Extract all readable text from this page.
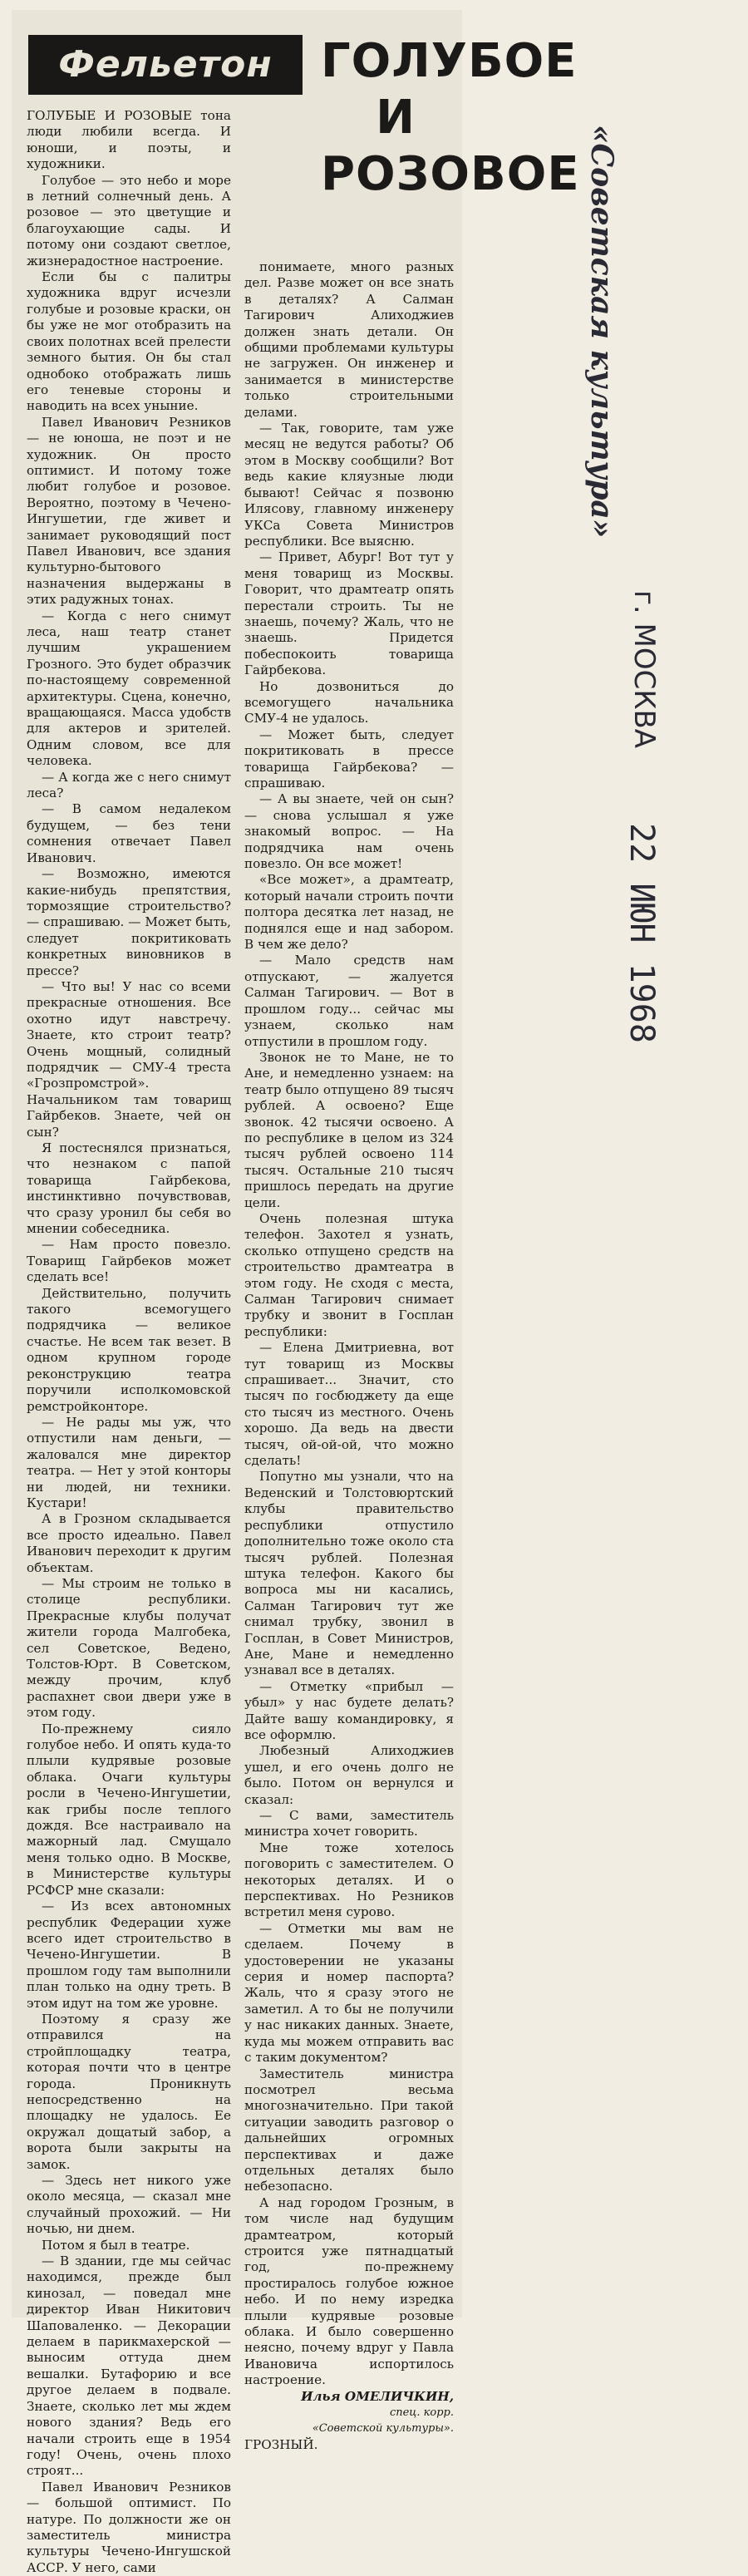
Фельетон	ГОЛУБОЕ И РОЗОВОЕ

ГОЛУБЫЕ И РОЗОВЫЕ тона люди любили всегда. И юноши, и поэты, и художники.

Голубое — это небо и море в летний солнечный день. А розовое — это цветущие и благоухающие сады. И потому они создают светлое, жизнерадостное настроение.

Если бы с палитры художника вдруг исчезли голубые и розовые краски, он бы уже не мог отобразить на своих полотнах всей прелести земного бытия. Он бы стал однобоко отображать лишь его теневые стороны и наводить на всех уныние.

Павел Иванович Резников — не юноша, не поэт и не художник. Он просто оптимист. И потому тоже любит голубое и розовое. Вероятно, поэтому в Чечено-Ингушетии, где живет и занимает руководящий пост Павел Иванович, все здания культурно-бытового назначения выдержаны в этих радужных тонах.

— Когда с него снимут леса, наш театр станет лучшим украшением Грозного. Это будет образчик по-настоящему современной архитектуры. Сцена, конечно, вращающаяся. Масса удобств для актеров и зрителей. Одним словом, все для человека.

— А когда же с него снимут леса?

— В самом недалеком будущем, — без тени сомнения отвечает Павел Иванович.

— Возможно, имеются какие-нибудь препятствия, тормозящие строительство? — спрашиваю. — Может быть, следует покритиковать конкретных виновников в прессе?

— Что вы! У нас со всеми прекрасные отношения. Все охотно идут навстречу. Знаете, кто строит театр? Очень мощный, солидный подрядчик — СМУ-4 треста «Грозпромстрой». Начальником там товарищ Гайрбеков. Знаете, чей он сын?

Я постеснялся признаться, что незнаком с папой товарища Гайрбекова, инстинктивно почувствовав, что сразу уронил бы себя во мнении собеседника.

— Нам просто повезло. Товарищ Гайрбеков может сделать все!

Действительно, получить такого всемогущего подрядчика — великое счастье. Не всем так везет. В одном крупном городе реконструкцию театра поручили исполкомовской ремстройконторе.

— Не рады мы уж, что отпустили нам деньги, — жаловался мне директор театра. — Нет у этой конторы ни людей, ни техники. Кустари!

А в Грозном складывается все просто идеально. Павел Иванович переходит к другим объектам.

— Мы строим не только в столице республики. Прекрасные клубы получат жители города Малгобека, сел Советское, Ведено, Толстов-Юрт. В Советском, между прочим, клуб распахнет свои двери уже в этом году.

По-прежнему сияло голубое небо. И опять куда-то плыли кудрявые розовые облака. Очаги культуры росли в Чечено-Ингушетии, как грибы после теплого дождя. Все настраивало на мажорный лад. Смущало меня только одно. В Москве, в Министерстве культуры РСФСР мне сказали:

— Из всех автономных республик Федерации хуже всего идет строительство в Чечено-Ингушетии. В прошлом году там выполнили план только на одну треть. В этом идут на том же уровне.

Поэтому я сразу же отправился на стройплощадку театра, которая почти что в центре города. Проникнуть непосредственно на площадку не удалось. Ее окружал дощатый забор, а ворота были закрыты на замок.

— Здесь нет никого уже около месяца, — сказал мне случайный прохожий. — Ни ночью, ни днем.

Потом я был в театре.

— В здании, где мы сейчас находимся, прежде был кинозал, — поведал мне директор Иван Никитович Шаповаленко. — Декорации делаем в парикмахерской — выносим оттуда днем вешалки. Бутафорию и все другое делаем в подвале. Знаете, сколько лет мы ждем нового здания? Ведь его начали строить еще в 1954 году! Очень, очень плохо строят...

Павел Иванович Резников — большой оптимист. По натуре. По должности же он заместитель министра культуры Чечено-Ингушской АССР. У него, сами

понимаете, много разных дел. Разве может он все знать в деталях? А Салман Тагирович Алиходжиев должен знать детали. Он общими проблемами культуры не загружен. Он инженер и занимается в министерстве только строительными делами.

— Так, говорите, там уже месяц не ведутся работы? Об этом в Москву сообщили? Вот ведь какие кляузные люди бывают! Сейчас я позвоню Илясову, главному инженеру УКСа Совета Министров республики. Все выясню.

— Привет, Абург! Вот тут у меня товарищ из Москвы. Говорит, что драмтеатр опять перестали строить. Ты не знаешь, почему? Жаль, что не знаешь. Придется побеспокоить товарища Гайрбекова.

Но дозвониться до всемогущего начальника СМУ-4 не удалось.

— Может быть, следует покритиковать в прессе товарища Гайрбекова? — спрашиваю.

— А вы знаете, чей он сын? — снова услышал я уже знакомый вопрос. — На подрядчика нам очень повезло. Он все может!

«Все может», а драмтеатр, который начали строить почти полтора десятка лет назад, не поднялся еще и над забором. В чем же дело?

— Мало средств нам отпускают, — жалуется Салман Тагирович. — Вот в прошлом году... сейчас мы узнаем, сколько нам отпустили в прошлом году.

Звонок не то Мане, не то Ане, и немедленно узнаем: на театр было отпущено 89 тысяч рублей. А освоено? Еще звонок. 42 тысячи освоено. А по республике в целом из 324 тысяч рублей освоено 114 тысяч. Остальные 210 тысяч пришлось передать на другие цели.

Очень полезная штука телефон. Захотел я узнать, сколько отпущено средств на строительство драмтеатра в этом году. Не сходя с места, Салман Тагирович снимает трубку и звонит в Госплан республики:

— Елена Дмитриевна, вот тут товарищ из Москвы спрашивает... Значит, сто тысяч по госбюджету да еще сто тысяч из местного. Очень хорошо. Да ведь на двести тысяч, ой-ой-ой, что можно сделать!

Попутно мы узнали, что на Веденский и Толстовюртский клубы правительство республики отпустило дополнительно тоже около ста тысяч рублей. Полезная штука телефон. Какого бы вопроса мы ни касались, Салман Тагирович тут же снимал трубку, звонил в Госплан, в Совет Министров, Ане, Мане и немедленно узнавал все в деталях.

— Отметку «прибыл — убыл» у нас будете делать? Дайте вашу командировку, я все оформлю.

Любезный Алиходжиев ушел, и его очень долго не было. Потом он вернулся и сказал:

— С вами, заместитель министра хочет говорить.

Мне тоже хотелось поговорить с заместителем. О некоторых деталях. И о перспективах. Но Резников встретил меня сурово.

— Отметки мы вам не сделаем. Почему в удостоверении не указаны серия и номер паспорта? Жаль, что я сразу этого не заметил. А то бы не получили у нас никаких данных. Знаете, куда мы можем отправить вас с таким документом?

Заместитель министра посмотрел весьма многозначительно. При такой ситуации заводить разговор о дальнейших огромных перспективах и даже отдельных деталях было небезопасно.

А над городом Грозным, в том числе над будущим драмтеатром, который строится уже пятнадцатый год, по-прежнему простиралось голубое южное небо. И по нему изредка плыли кудрявые розовые облака. И было совершенно неясно, почему вдруг у Павла Ивановича испортилось настроение.

Илья ОМЕЛИЧКИН,

спец. корр.

«Советской культуры».

ГРОЗНЫЙ.

«Советская культура»
г. МОСКВА
22 ИЮН 1968
